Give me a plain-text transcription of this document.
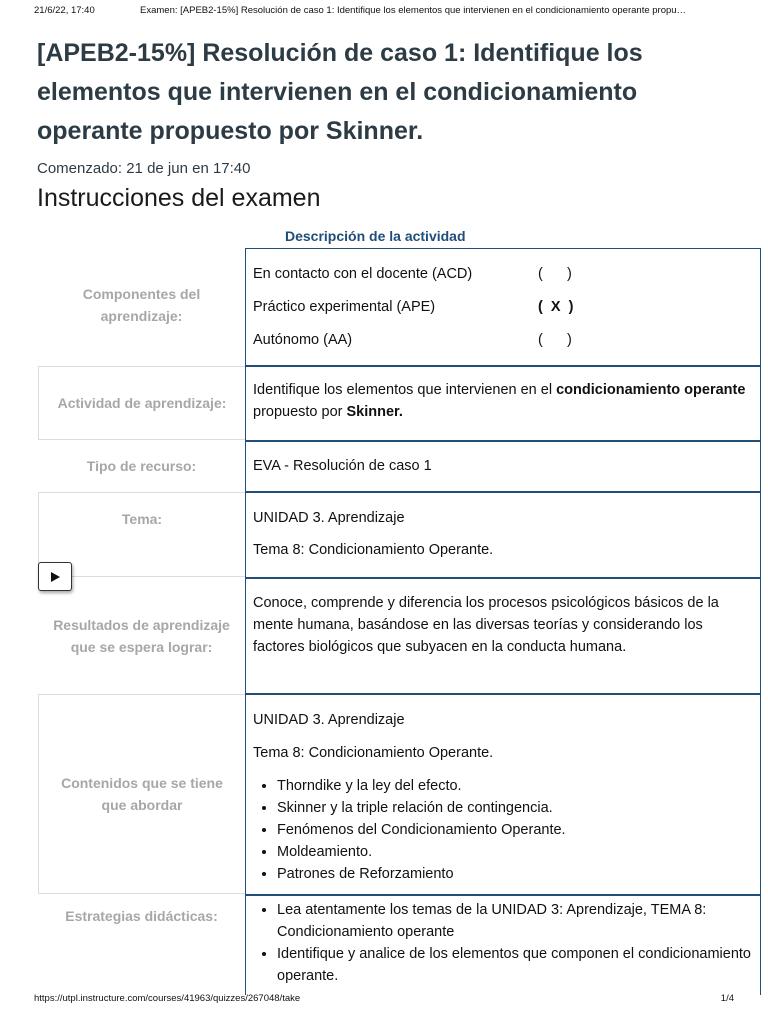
21/6/22, 17:40	Examen: [APEB2-15%] Resolución de caso 1: Identifique los elementos que intervienen en el condicionamiento operante propu…
[APEB2-15%] Resolución de caso 1: Identifique los elementos que intervienen en el condicionamiento operante propuesto por Skinner.
Comenzado: 21 de jun en 17:40
Instrucciones del examen
Descripción de la actividad
Componentes del aprendizaje:
En contacto con el docente (ACD)	(      )
Práctico experimental (APE)	(  X  )
Autónomo (AA)	(      )
Actividad de aprendizaje:
Identifique los elementos que intervienen en el condicionamiento operante propuesto por Skinner.
Tipo de recurso:	EVA - Resolución de caso 1
Tema:	UNIDAD 3. Aprendizaje
Tema 8: Condicionamiento Operante.
Resultados de aprendizaje que se espera lograr:
Conoce, comprende y diferencia los procesos psicológicos básicos de la mente humana, basándose en las diversas teorías y considerando los factores biológicos que subyacen en la conducta humana.
Contenidos que se tiene que abordar
UNIDAD 3. Aprendizaje
Tema 8: Condicionamiento Operante.
• Thorndike y la ley del efecto.
• Skinner y la triple relación de contingencia.
• Fenómenos del Condicionamiento Operante.
• Moldeamiento.
• Patrones de Reforzamiento
Estrategias didácticas:
•	Lea atentamente los temas de la UNIDAD 3: Aprendizaje, TEMA 8: Condicionamiento operante
• Identifique y analice de los elementos que componen el condicionamiento operante.
https://utpl.instructure.com/courses/41963/quizzes/267048/take	1/4
